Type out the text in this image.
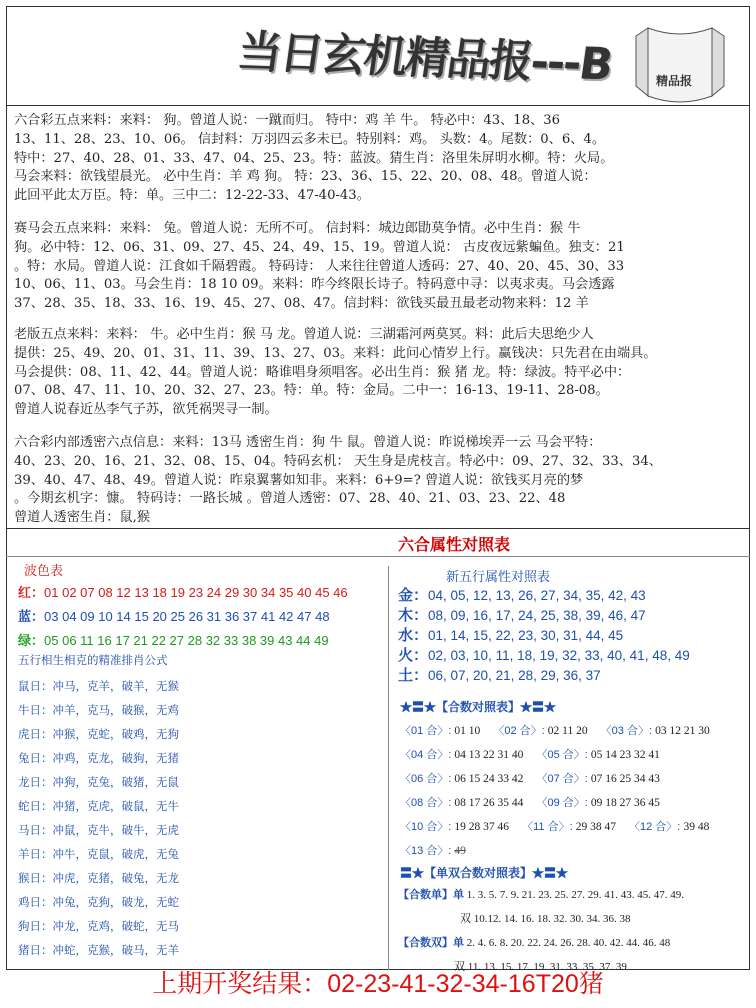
当日玄机精品报---B	精品报
六合彩五点来料：来料： 狗。曾道人说：一蹴而归。 特中：鸡 羊 牛。 特必中：43、18、36
13、11、28、23、10、06。 信封料：万羽四云多未已。特别料：鸡。 头数：4。尾数：0、6、4。
特中：27、40、28、01、33、47、04、25、23。特：蓝波。猜生肖：洛里朱屏明水柳。特：火局。
马会来料：欲钱望晨光。 必中生肖：羊 鸡 狗。 特：23、36、15、22、20、08、48。曾道人说：
此回平此太万臣。特：单。三中二：12-22-33、47-40-43。
赛马会五点来料：来料： 兔。曾道人说：无所不可。 信封料：城边郎勖莫争情。必中生肖：猴 牛
狗。必中特：12、06、31、09、27、45、24、49、15、19。曾道人说： 古皮夜远紫蝙鱼。独支：21
。特：水局。曾道人说：江食如千隔碧霞。 特码诗： 人来往往曾道人透码：27、40、20、45、30、33
10、06、11、03。马会生肖：18 10 09。来料：昨今终限长诗子。特码意中寻：以夷求夷。马会透露
37、28、35、18、33、16、19、45、27、08、47。信封料：欲钱买最丑最老动物来料：12 羊
老版五点来料：来料： 牛。必中生肖：猴 马 龙。曾道人说：三湖霜河两莫冥。料：此后夫思绝少人
提供：25、49、20、01、31、11、39、13、27、03。来料：此问心情岁上行。赢钱决：只先君在由端具。
马会提供：08、11、42、44。曾道人说：略谁唱身须唱客。必出生肖：猴 猪 龙。特：绿波。特平必中：
07、08、47、11、10、20、32、27、23。特：单。特：金局。二中一：16-13、19-11、28-08。
曾道人说春近丛李气子苏，欲凭祸哭寻一制。
六合彩内部透密六点信息：来料：13马 透密生肖：狗 牛 鼠。曾道人说：昨说梯埃弄一云 马会平特：
40、23、20、16、21、32、08、15、04。特码玄机： 天生身是虎枝言。特必中：09、27、32、33、34、
39、40、47、48、49。曾道人说：昨泉翼薯如知非。来料：6+9=? 曾道人说：欲钱买月亮的梦
。今期玄机字：慷。 特码诗：一路长城 。曾道人透密：07、28、40、21、03、23、22、48
曾道人透密生肖：鼠,猴
六合属性对照表
波色表
红：01 02 07 08 12 13 18 19 23 24 29 30 34 35 40 45 46
蓝：03 04 09 10 14 15 20 25 26 31 36 37 41 42 47 48
绿：05 06 11 16 17 21 22 27 28 32 33 38 39 43 44 49
五行相生相克的精准排肖公式
鼠日：冲马，克羊，破羊，无猴
牛日：冲羊，克马，破猴，无鸡
虎日：冲猴，克蛇，破鸡，无狗
兔日：冲鸡，克龙，破狗，无猪
龙日：冲狗，克兔，破猪，无鼠
蛇日：冲猪，克虎，破鼠，无牛
马日：冲鼠，克牛，破牛，无虎
羊日：冲牛，克鼠，破虎，无兔
猴日：冲虎，克猪，破兔，无龙
鸡日：冲兔，克狗，破龙，无蛇
狗日：冲龙，克鸡，破蛇，无马
猪日：冲蛇，克猴，破马，无羊
新五行属性对照表
金：04, 05, 12, 13, 26, 27, 34, 35, 42, 43
木：08, 09, 16, 17, 24, 25, 38, 39, 46, 47
水：01, 14, 15, 22, 23, 30, 31, 44, 45
火：02, 03, 10, 11, 18, 19, 32, 33, 40, 41, 48, 49
土：06, 07, 20, 21, 28, 29, 36, 37
★〓★【合数对照表】★〓★
〈01 合〉: 01 10 〈02 合〉: 02 11 20 〈03 合〉: 03 12 21 30
〈04 合〉: 04 13 22 31 40 〈05 合〉: 05 14 23 32 41
〈06 合〉: 06 15 24 33 42 〈07 合〉: 07 16 25 34 43
〈08 合〉: 08 17 26 35 44 〈09 合〉: 09 18 27 36 45
〈10 合〉: 19 28 37 46 〈11 合〉: 29 38 47 〈12 合〉: 39 48
〈13 合〉: 49
〓★【单双合数对照表】★〓★
【合数单】单 1. 3. 5. 7. 9. 21. 23. 25. 27. 29. 41. 43. 45. 47. 49.
双 10.12. 14. 16. 18. 32. 30. 34. 36. 38
【合数双】单 2. 4. 6. 8. 20. 22. 24. 26. 28. 40. 42. 44. 46. 48
双 11. 13. 15. 17. 19. 31. 33. 35. 37. 39
上期开奖结果：02-23-41-32-34-16T20猪
